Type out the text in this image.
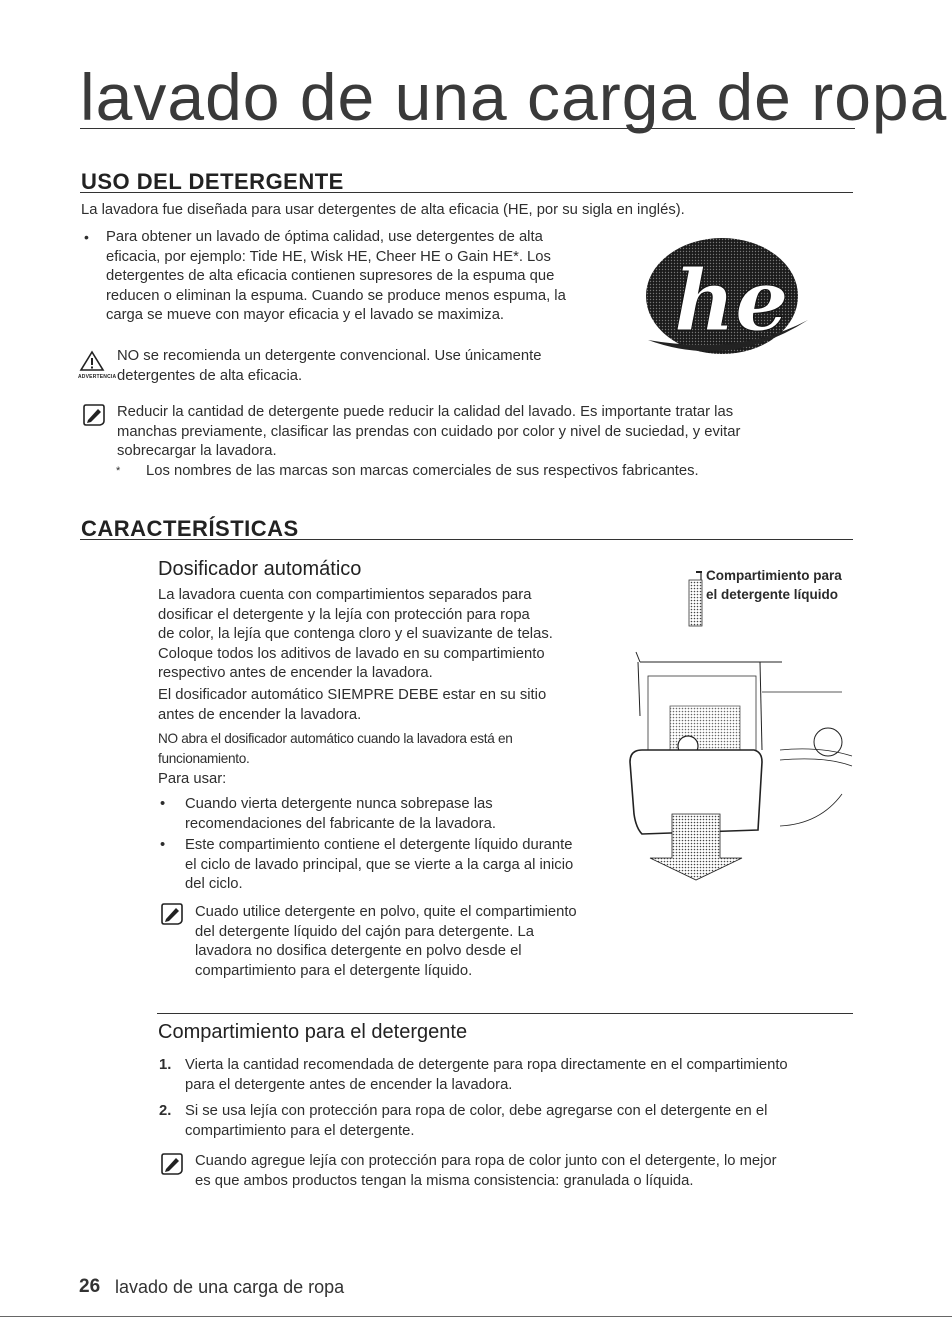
lavado de una carga de ropa
USO DEL DETERGENTE
La lavadora fue diseñada para usar detergentes de alta eficacia (HE, por su sigla en inglés).
• Para obtener un lavado de óptima calidad, use detergentes de alta
eficacia, por ejemplo: Tide HE, Wisk HE, Cheer HE o Gain HE*. Los
detergentes de alta eficacia contienen supresores de la espuma que
reducen o eliminan la espuma. Cuando se produce menos espuma, la
carga se mueve con mayor eficacia y el lavado se maximiza.	he
ADVERTENCIA
NO se recomienda un detergente convencional. Use únicamente
detergentes de alta eficacia.
Reducir la cantidad de detergente puede reducir la calidad del lavado. Es importante tratar las
manchas previamente, clasificar las prendas con cuidado por color y nivel de suciedad, y evitar
sobrecargar la lavadora.
* Los nombres de las marcas son marcas comerciales de sus respectivos fabricantes.
CARACTERÍSTICAS
Dosificador automático
La lavadora cuenta con compartimientos separados para
dosificar el detergente y la lejía con protección para ropa
de color, la lejía que contenga cloro y el suavizante de telas.
Coloque todos los aditivos de lavado en su compartimiento
respectivo antes de encender la lavadora.
El dosificador automático SIEMPRE DEBE estar en su sitio
antes de encender la lavadora.
NO abra el dosificador automático cuando la lavadora está en
funcionamiento.
Para usar:
• Cuando vierta detergente nunca sobrepase las
recomendaciones del fabricante de la lavadora.
• Este compartimiento contiene el detergente líquido durante
el ciclo de lavado principal, que se vierte a la carga al inicio
del ciclo.
Cuado utilice detergente en polvo, quite el compartimiento
del detergente líquido del cajón para detergente. La
lavadora no dosifica detergente en polvo desde el
compartimiento para el detergente líquido.
Compartimiento para
el detergente líquido
Compartimiento para el detergente
1. Vierta la cantidad recomendada de detergente para ropa directamente en el compartimiento
para el detergente antes de encender la lavadora.
2. Si se usa lejía con protección para ropa de color, debe agregarse con el detergente en el
compartimiento para el detergente.
Cuando agregue lejía con protección para ropa de color junto con el detergente, lo mejor
es que ambos productos tengan la misma consistencia: granulada o líquida.
26 lavado de una carga de ropa
